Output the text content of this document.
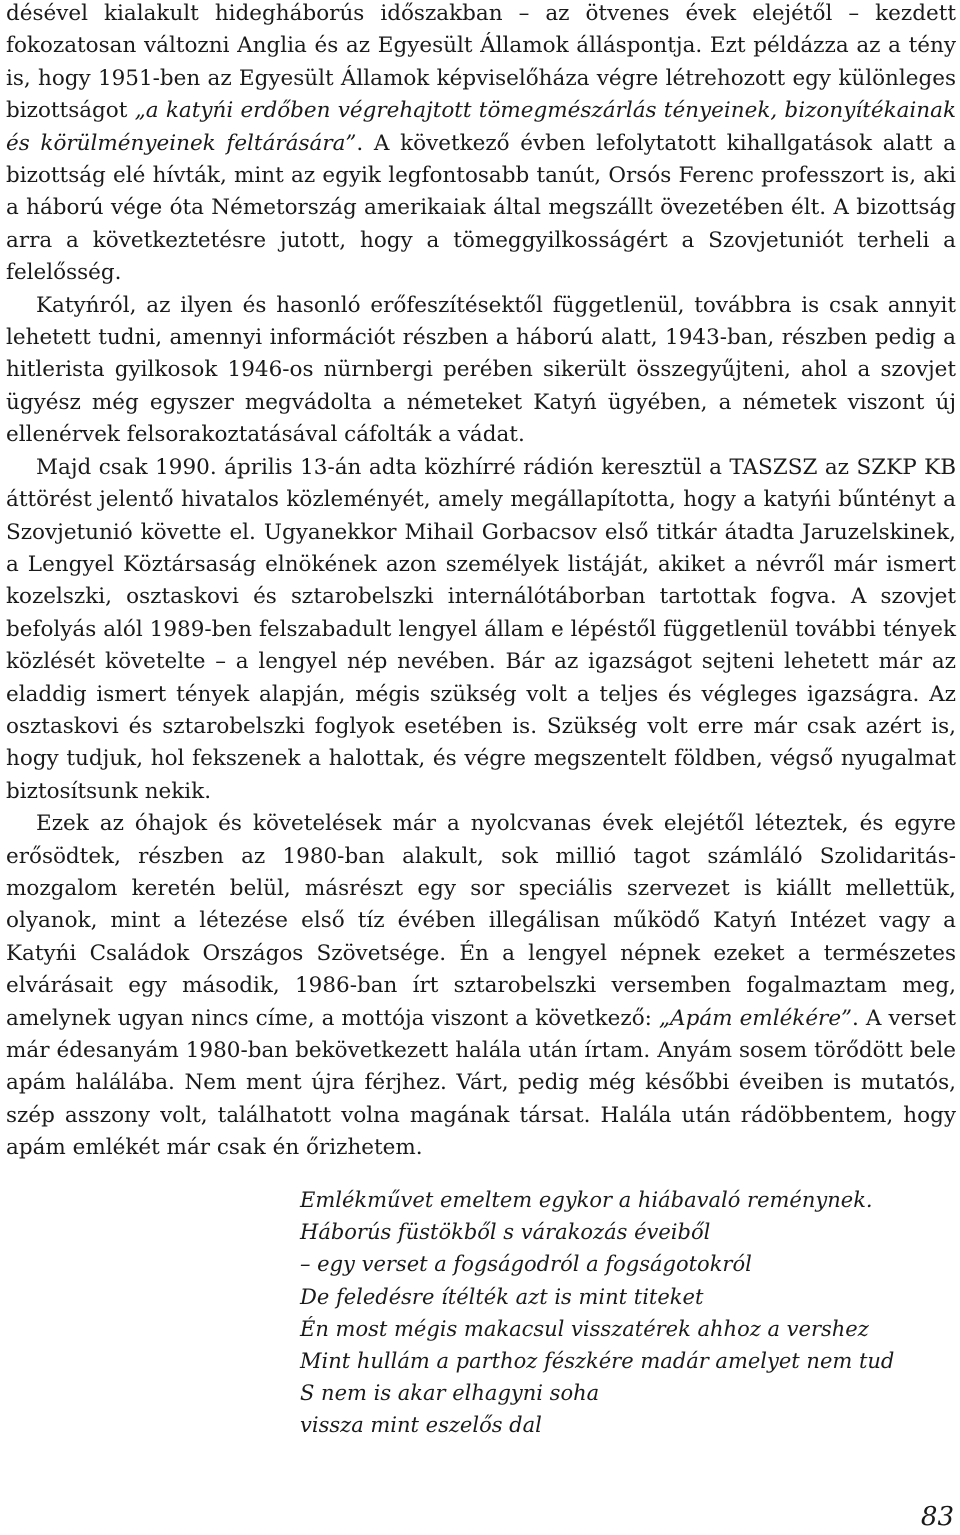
désével kialakult hidegháborús időszakban – az ötvenes évek elejétől – kezdett fokozatosan változni Anglia és az Egyesült Államok álláspontja. Ezt példázza az a tény is, hogy 1951-ben az Egyesült Államok képviselőháza végre létrehozott egy különleges bizottságot „a katyńi erdőben végrehajtott tömegmészárlás tényeinek, bizonyítékainak és körülményeinek feltárására”. A következő évben lefolytatott kihallgatások alatt a bizottság elé hívták, mint az egyik legfontosabb tanút, Orsós Ferenc professzort is, aki a háború vége óta Németország amerikaiak által megszállt övezetében élt. A bizottság arra a következtetésre jutott, hogy a tömeggyilkosságért a Szovjetuniót terheli a felelősség.

Katyńról, az ilyen és hasonló erőfeszítésektől függetlenül, továbbra is csak annyit lehetett tudni, amennyi információt részben a háború alatt, 1943-ban, részben pedig a hitlerista gyilkosok 1946-os nürnbergi perében sikerült összegyűjteni, ahol a szovjet ügyész még egyszer megvádolta a németeket Katyń ügyében, a németek viszont új ellenérvek felsorakoztatásával cáfolták a vádat.

Majd csak 1990. április 13-án adta közhírré rádión keresztül a TASZSZ az SZKP KB áttörést jelentő hivatalos közleményét, amely megállapította, hogy a katyńi bűntényt a Szovjetunió követte el. Ugyanekkor Mihail Gorbacsov első titkár átadta Jaruzelskinek, a Lengyel Köztársaság elnökének azon személyek listáját, akiket a névről már ismert kozelszki, osztaskovi és sztarobelszki internálótáborban tartottak fogva. A szovjet befolyás alól 1989-ben felszabadult lengyel állam e lépéstől függetlenül további tények közlését követelte – a lengyel nép nevében. Bár az igazságot sejteni lehetett már az eladdig ismert tények alapján, mégis szükség volt a teljes és végleges igazságra. Az osztaskovi és sztarobelszki foglyok esetében is. Szükség volt erre már csak azért is, hogy tudjuk, hol fekszenek a halottak, és végre megszentelt földben, végső nyugalmat biztosítsunk nekik.

Ezek az óhajok és követelések már a nyolcvanas évek elejétől léteztek, és egyre erősödtek, részben az 1980-ban alakult, sok millió tagot számláló Szolidaritás-mozgalom keretén belül, másrészt egy sor speciális szervezet is kiállt mellettük, olyanok, mint a létezése első tíz évében illegálisan működő Katyń Intézet vagy a Katyńi Családok Országos Szövetsége. Én a lengyel népnek ezeket a természetes elvárásait egy második, 1986-ban írt sztarobelszki versemben fogalmaztam meg, amelynek ugyan nincs címe, a mottója viszont a következő: „Apám emlékére”. A verset már édesanyám 1980-ban bekövetkezett halála után írtam. Anyám sosem törődött bele apám halálába. Nem ment újra férjhez. Várt, pedig még későbbi éveiben is mutatós, szép asszony volt, találhatott volna magának társat. Halála után rádöbbentem, hogy apám emlékét már csak én őrizhetem.

Emlékművet emeltem egykor a hiábavaló reménynek.
Háborús füstökből s várakozás éveiből
– egy verset a fogságodról a fogságotokról
De feledésre ítélték azt is mint titeket
Én most mégis makacsul visszatérek ahhoz a vershez
Mint hullám a parthoz fészkére madár amelyet nem tud
S nem is akar elhagyni soha
vissza mint eszelős dal
83
